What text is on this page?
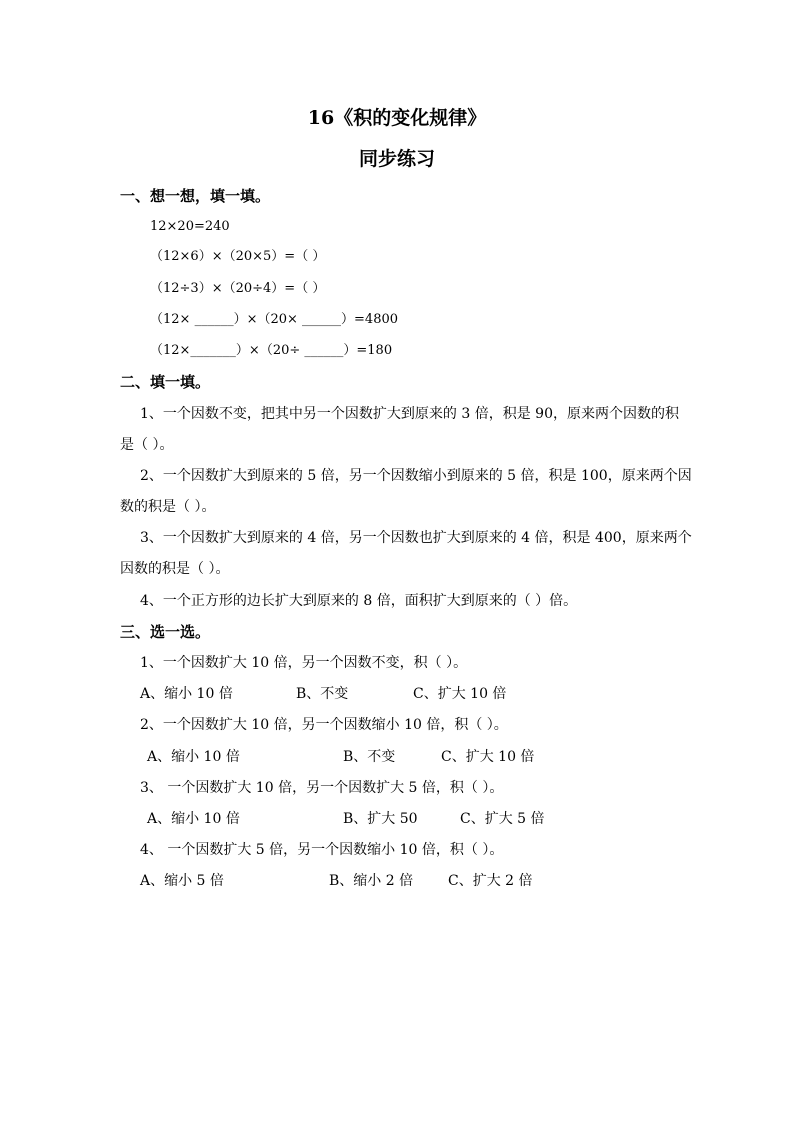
16《积的变化规律》
同步练习
一、想一想，填一填。
12×20=240
（12×6）×（20×5）=（ ）
（12÷3）×（20÷4）=（ ）
（12× ______）×（20× ______）=4800
（12×_______）×（20÷ ______）=180
二、填一填。
1、一个因数不变，把其中另一个因数扩大到原来的 3 倍，积是 90，原来两个因数的积
是（ ）。
2、一个因数扩大到原来的 5 倍，另一个因数缩小到原来的 5 倍，积是 100，原来两个因
数的积是（ ）。
3、一个因数扩大到原来的 4 倍，另一个因数也扩大到原来的 4 倍，积是 400，原来两个
因数的积是（ ）。
4、一个正方形的边长扩大到原来的 8 倍，面积扩大到原来的（ ）倍。
三、选一选。
1、一个因数扩大 10 倍，另一个因数不变，积（ ）。
A、缩小 10 倍	B、不变	C、扩大 10 倍
2、一个因数扩大 10 倍，另一个因数缩小 10 倍，积（ ）。
A、缩小 10 倍	B、不变	C、扩大 10 倍
3、 一个因数扩大 10 倍，另一个因数扩大 5 倍，积（ ）。
A、缩小 10 倍	B、扩大 50	C、扩大 5 倍
4、 一个因数扩大 5 倍，另一个因数缩小 10 倍，积（ ）。
A、缩小 5 倍	B、缩小 2 倍 C、扩大 2 倍
